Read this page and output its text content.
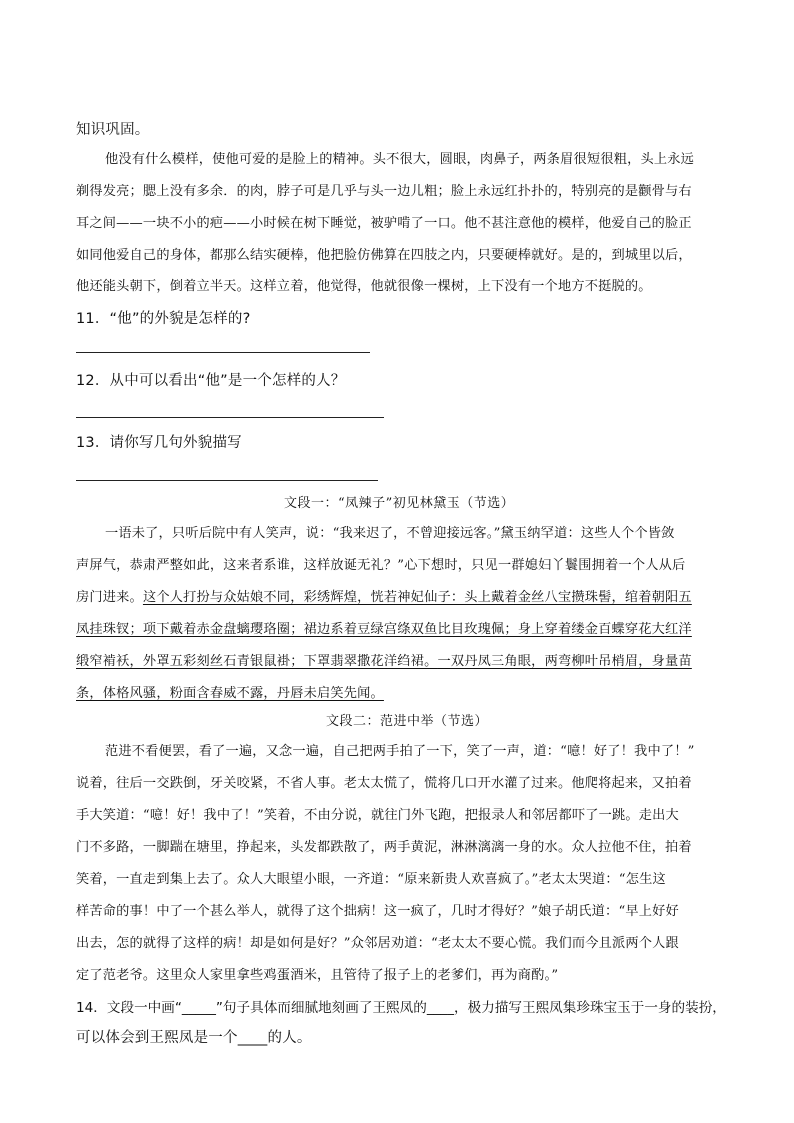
知识巩固。
他没有什么模样，使他可爱的是脸上的精神。头不很大，圆眼，肉鼻子，两条眉很短很粗，头上永远
剃得发亮；腮上没有多余．的肉，脖子可是几乎与头一边儿粗；脸上永远红扑扑的，特别亮的是颧骨与右
耳之间——一块不小的疤——小时候在树下睡觉，被驴啃了一口。他不甚注意他的模样，他爱自己的脸正
如同他爱自己的身体，都那么结实硬棒，他把脸仿佛算在四肢之内，只要硬棒就好。是的，到城里以后，
他还能头朝下，倒着立半天。这样立着，他觉得，他就很像一棵树，上下没有一个地方不挺脱的。
11．“他”的外貌是怎样的?
12．从中可以看出“他”是一个怎样的人？
13．请你写几句外貌描写
文段一：“凤辣子”初见林黛玉（节选）
一语未了，只听后院中有人笑声，说：“我来迟了，不曾迎接远客。”黛玉纳罕道：这些人个个皆敛
声屏气，恭肃严整如此，这来者系谁，这样放诞无礼？”心下想时，只见一群媳妇丫鬟围拥着一个人从后
房门进来。这个人打扮与众姑娘不同，彩绣辉煌，恍若神妃仙子：头上戴着金丝八宝攒珠髻，绾着朝阳五
凤挂珠钗；项下戴着赤金盘螭璎珞圈；裙边系着豆绿宫绦双鱼比目玫瑰佩；身上穿着缕金百蝶穿花大红洋
缎窄褃袄，外罩五彩刻丝石青银鼠褂；下罩翡翠撒花洋绉裙。一双丹凤三角眼，两弯柳叶吊梢眉，身量苗
条，体格风骚，粉面含春威不露，丹唇未启笑先闻。
文段二：范进中举（节选）
范进不看便罢，看了一遍，又念一遍，自己把两手拍了一下，笑了一声，道：“噫！好了！我中了！”
说着，往后一交跌倒，牙关咬紧，不省人事。老太太慌了，慌将几口开水灌了过来。他爬将起来，又拍着
手大笑道：“噫！好！我中了！”笑着，不由分说，就往门外飞跑，把报录人和邻居都吓了一跳。走出大
门不多路，一脚踹在塘里，挣起来，头发都跌散了，两手黄泥，淋淋漓漓一身的水。众人拉他不住，拍着
笑着，一直走到集上去了。众人大眼望小眼，一齐道：“原来新贵人欢喜疯了。”老太太哭道：“怎生这
样苦命的事！中了一个甚么举人，就得了这个拙病！这一疯了，几时才得好？”娘子胡氏道：“早上好好
出去，怎的就得了这样的病！却是如何是好？”众邻居劝道：“老太太不要心慌。我们而今且派两个人跟
定了范老爷。这里众人家里拿些鸡蛋酒米，且管待了报子上的老爹们，再为商酌。”
14．文段一中画“_____”句子具体而细腻地刻画了王熙凤的____，极力描写王熙凤集珍珠宝玉于一身的装扮，
可以体会到王熙凤是一个____的人。
